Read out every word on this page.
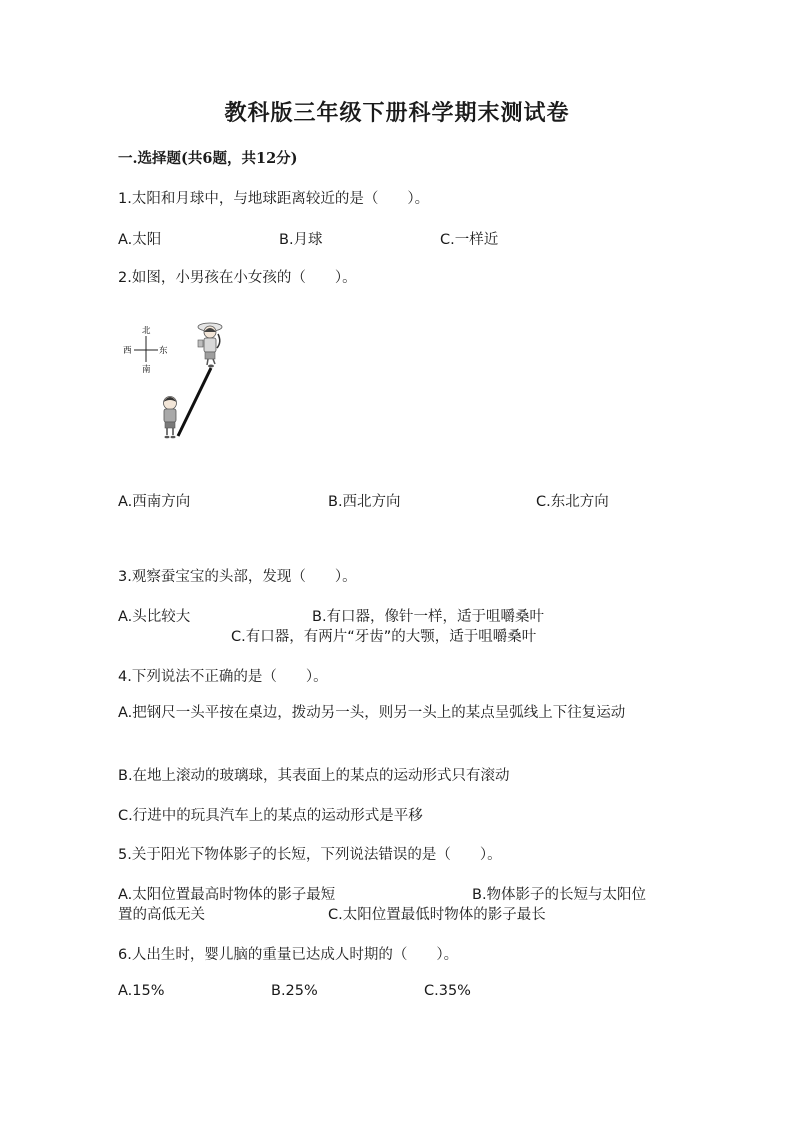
教科版三年级下册科学期末测试卷
一.选择题(共6题，共12分)
1.太阳和月球中，与地球距离较近的是（　　）。
A.太阳	B.月球	C.一样近
2.如图，小男孩在小女孩的（　　）。
北
南
西	东
A.西南方向	B.西北方向	C.东北方向
3.观察蚕宝宝的头部，发现（　　）。
A.头比较大	B.有口器，像针一样，适于咀嚼桑叶
C.有口器，有两片“牙齿”的大颚，适于咀嚼桑叶
4.下列说法不正确的是（　　）。
A.把钢尺一头平按在桌边，拨动另一头，则另一头上的某点呈弧线上下往复运动
B.在地上滚动的玻璃球，其表面上的某点的运动形式只有滚动
C.行进中的玩具汽车上的某点的运动形式是平移
5.关于阳光下物体影子的长短，下列说法错误的是（　　）。
A.太阳位置最高时物体的影子最短	B.物体影子的长短与太阳位
置的高低无关	C.太阳位置最低时物体的影子最长
6.人出生时，婴儿脑的重量已达成人时期的（　　）。
A.15%	B.25%	C.35%
